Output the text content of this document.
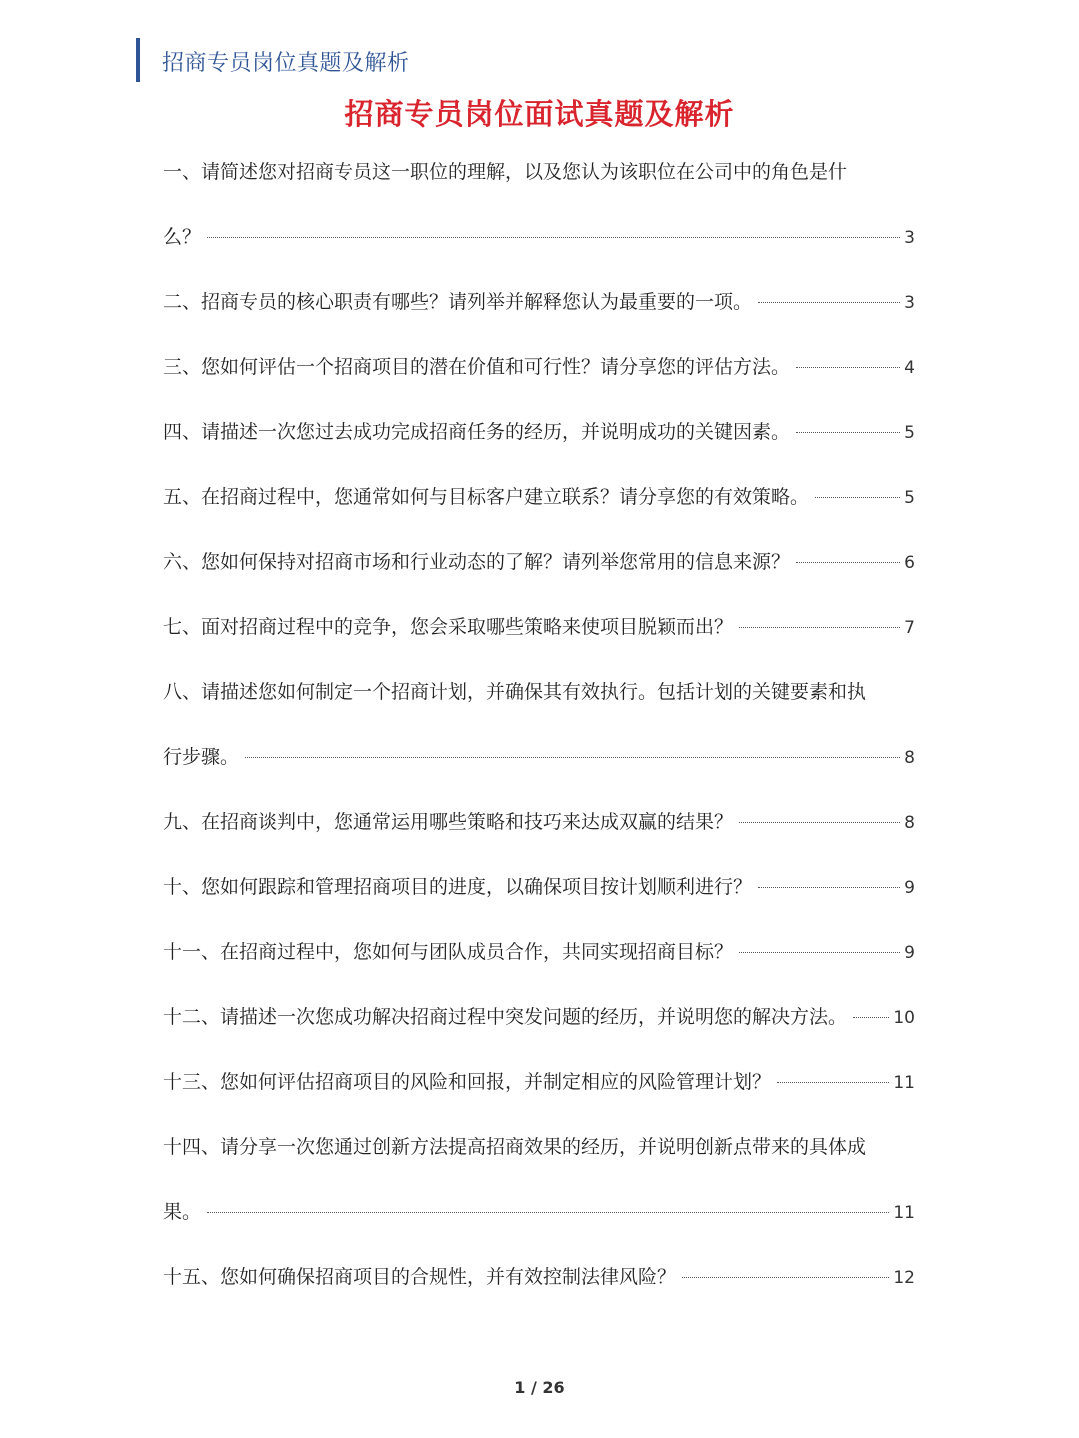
招商专员岗位真题及解析
招商专员岗位面试真题及解析
一、请简述您对招商专员这一职位的理解，以及您认为该职位在公司中的角色是什
么？	3
二、招商专员的核心职责有哪些？请列举并解释您认为最重要的一项。	3
三、您如何评估一个招商项目的潜在价值和可行性？请分享您的评估方法。	4
四、请描述一次您过去成功完成招商任务的经历，并说明成功的关键因素。	5
五、在招商过程中，您通常如何与目标客户建立联系？请分享您的有效策略。	5
六、您如何保持对招商市场和行业动态的了解？请列举您常用的信息来源？	6
七、面对招商过程中的竞争，您会采取哪些策略来使项目脱颖而出？	7
八、请描述您如何制定一个招商计划，并确保其有效执行。包括计划的关键要素和执
行步骤。	8
九、在招商谈判中，您通常运用哪些策略和技巧来达成双赢的结果？	8
十、您如何跟踪和管理招商项目的进度，以确保项目按计划顺利进行？	9
十一、在招商过程中，您如何与团队成员合作，共同实现招商目标？	9
十二、请描述一次您成功解决招商过程中突发问题的经历，并说明您的解决方法。	10
十三、您如何评估招商项目的风险和回报，并制定相应的风险管理计划？	11
十四、请分享一次您通过创新方法提高招商效果的经历，并说明创新点带来的具体成
果。	11
十五、您如何确保招商项目的合规性，并有效控制法律风险？	12
1 / 26
